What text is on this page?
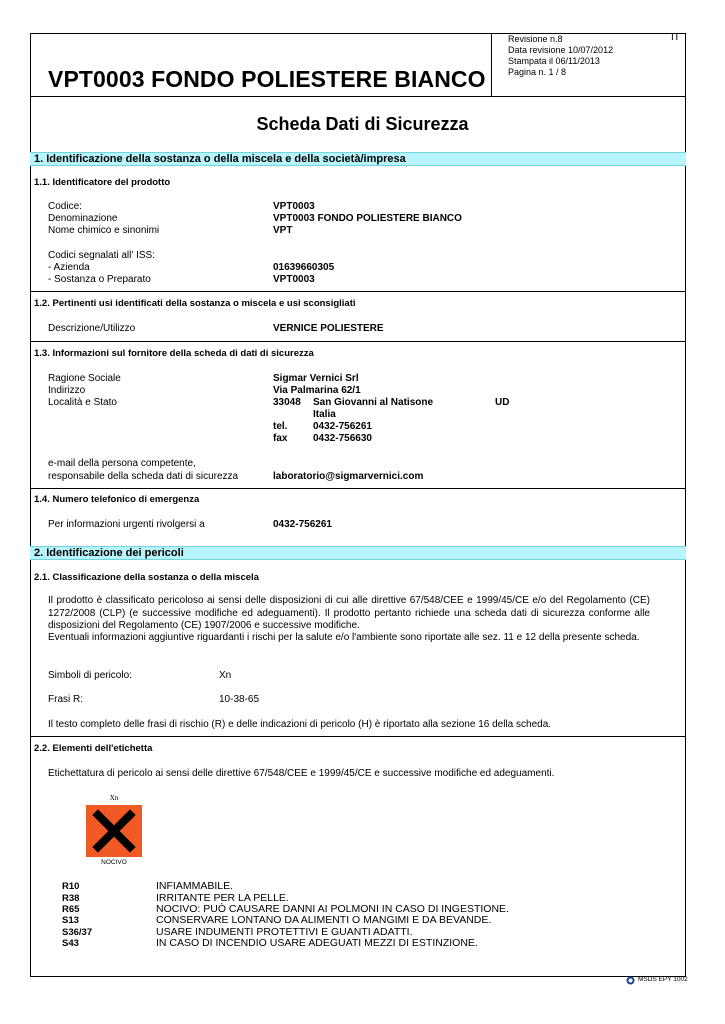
VPT0003 FONDO POLIESTERE BIANCO
Revisione n.8
Data revisione 10/07/2012
Stampata il 06/11/2013
Pagina n. 1 / 8
IT
Scheda Dati di Sicurezza
1. Identificazione della sostanza o della miscela e della società/impresa
1.1. Identificatore del prodotto
Codice:	VPT0003
Denominazione	VPT0003 FONDO POLIESTERE BIANCO
Nome chimico e sinonimi	VPT
Codici segnalati all' ISS:
- Azienda	01639660305
- Sostanza o Preparato	VPT0003
1.2. Pertinenti usi identificati della sostanza o miscela e usi sconsigliati
Descrizione/Utilizzo	VERNICE POLIESTERE
1.3. Informazioni sul fornitore della scheda di dati di sicurezza
Ragione Sociale	Sigmar Vernici Srl
Indirizzo	Via Palmarina 62/1
Località e Stato	33048 San Giovanni al Natisone	UD
Italia
tel.	0432-756261
fax	0432-756630
e-mail della persona competente,
responsabile della scheda dati di sicurezza	laboratorio@sigmarvernici.com
1.4. Numero telefonico di emergenza
Per informazioni urgenti rivolgersi a	0432-756261
2. Identificazione dei pericoli
2.1. Classificazione della sostanza o della miscela
Il prodotto è classificato pericoloso ai sensi delle disposizioni di cui alle direttive 67/548/CEE e 1999/45/CE e/o del Regolamento (CE) 1272/2008 (CLP) (e successive modifiche ed adeguamenti). Il prodotto pertanto richiede una scheda dati di sicurezza conforme alle disposizioni del Regolamento (CE) 1907/2006 e successive modifiche.
Eventuali informazioni aggiuntive riguardanti i rischi per la salute e/o l'ambiente sono riportate alle sez. 11 e 12 della presente scheda.
Simboli di pericolo:	Xn
Frasi R:	10-38-65
Il testo completo delle frasi di rischio (R) e delle indicazioni di pericolo (H) è riportato alla sezione 16 della scheda.
2.2. Elementi dell'etichetta
Etichettatura di pericolo ai sensi delle direttive 67/548/CEE e 1999/45/CE e successive modifiche ed adeguamenti.
Xn
NOCIVO
R10	INFIAMMABILE.
R38	IRRITANTE PER LA PELLE.
R65	NOCIVO: PUÒ CAUSARE DANNI AI POLMONI IN CASO DI INGESTIONE.
S13	CONSERVARE LONTANO DA ALIMENTI O MANGIMI E DA BEVANDE.
S36/37	USARE INDUMENTI PROTETTIVI E GUANTI ADATTI.
S43	IN CASO DI INCENDIO USARE ADEGUATI MEZZI DI ESTINZIONE.
MSDS EPY 1002
